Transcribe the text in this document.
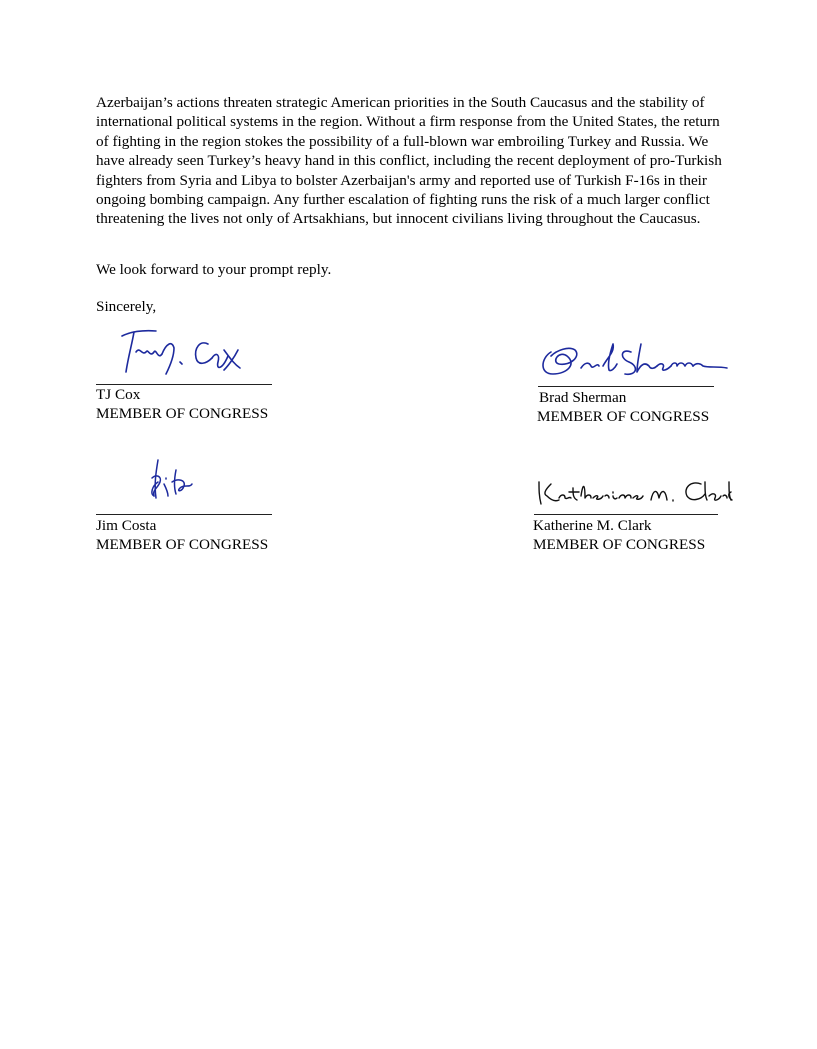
Azerbaijan’s actions threaten strategic American priorities in the South Caucasus and the stability of international political systems in the region. Without a firm response from the United States, the return of fighting in the region stokes the possibility of a full-blown war embroiling Turkey and Russia. We have already seen Turkey’s heavy hand in this conflict, including the recent deployment of pro-Turkish fighters from Syria and Libya to bolster Azerbaijan's army and reported use of Turkish F-16s in their ongoing bombing campaign. Any further escalation of fighting runs the risk of a much larger conflict threatening the lives not only of Artsakhians, but innocent civilians living throughout the Caucasus.

We look forward to your prompt reply.

Sincerely,

TJ Cox
MEMBER OF CONGRESS
Brad Sherman
MEMBER OF CONGRESS
Jim Costa
MEMBER OF CONGRESS
Katherine M. Clark
MEMBER OF CONGRESS
